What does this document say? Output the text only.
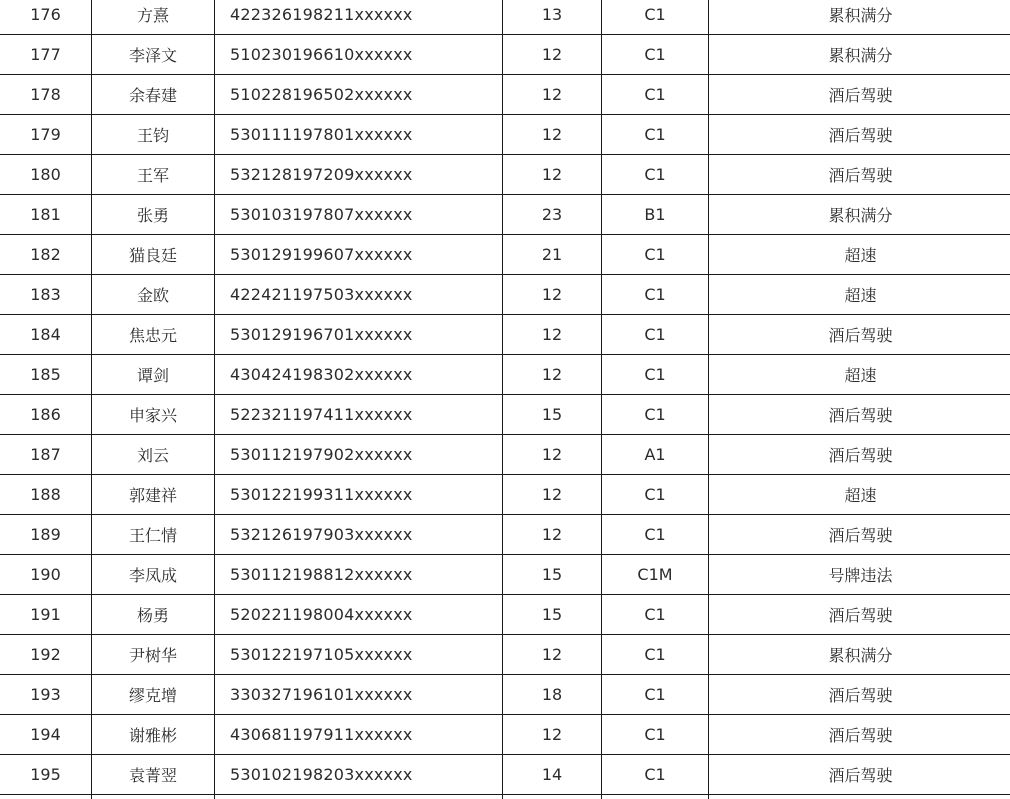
176	方熹	422326198211xxxxxx	13	C1	累积满分
177	李泽文	510230196610xxxxxx	12	C1	累积满分
178	余春建	510228196502xxxxxx	12	C1	酒后驾驶
179	王钧	530111197801xxxxxx	12	C1	酒后驾驶
180	王军	532128197209xxxxxx	12	C1	酒后驾驶
181	张勇	530103197807xxxxxx	23	B1	累积满分
182	猫良廷	530129199607xxxxxx	21	C1	超速
183	金欧	422421197503xxxxxx	12	C1	超速
184	焦忠元	530129196701xxxxxx	12	C1	酒后驾驶
185	谭剑	430424198302xxxxxx	12	C1	超速
186	申家兴	522321197411xxxxxx	15	C1	酒后驾驶
187	刘云	530112197902xxxxxx	12	A1	酒后驾驶
188	郭建祥	530122199311xxxxxx	12	C1	超速
189	王仁情	532126197903xxxxxx	12	C1	酒后驾驶
190	李凤成	530112198812xxxxxx	15	C1M	号牌违法
191	杨勇	520221198004xxxxxx	15	C1	酒后驾驶
192	尹树华	530122197105xxxxxx	12	C1	累积满分
193	缪克增	330327196101xxxxxx	18	C1	酒后驾驶
194	谢雅彬	430681197911xxxxxx	12	C1	酒后驾驶
195	袁菁翌	530102198203xxxxxx	14	C1	酒后驾驶
